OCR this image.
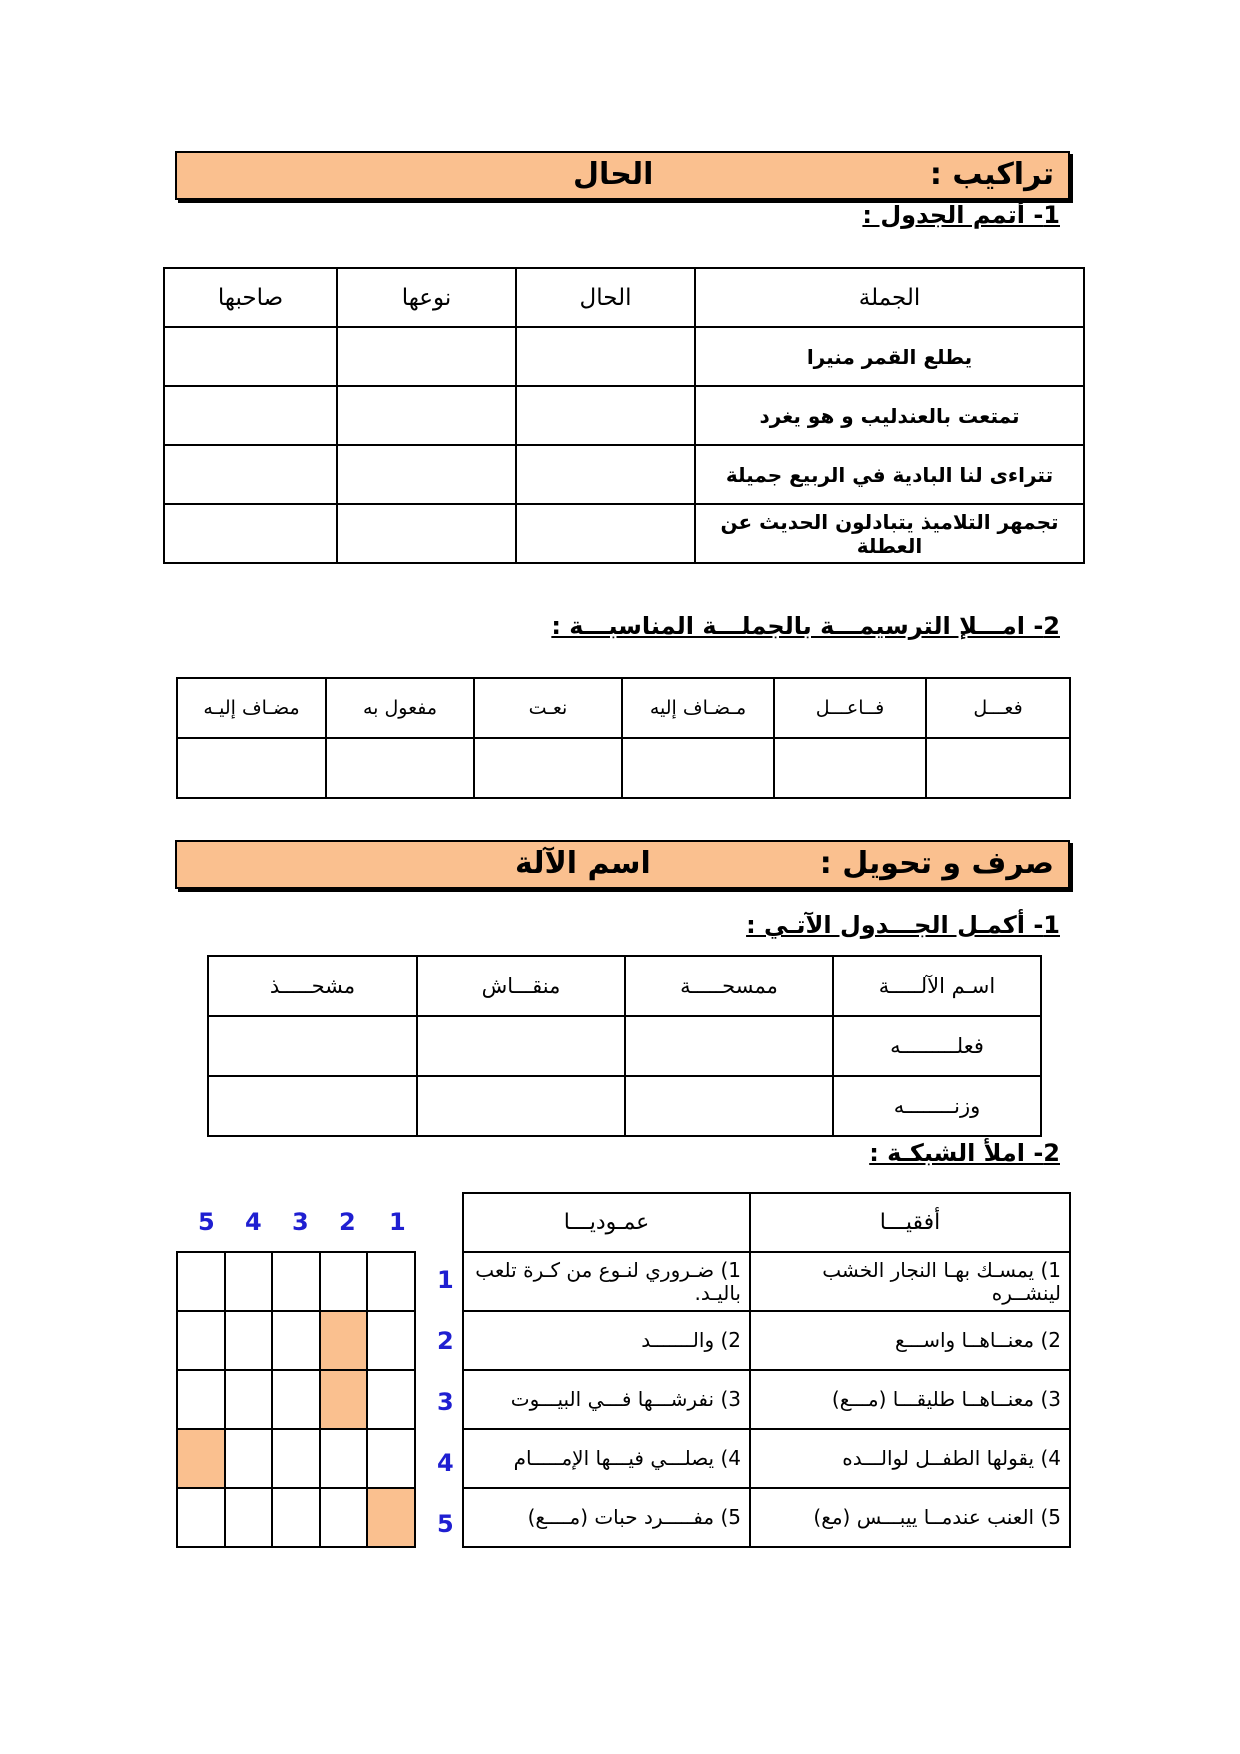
تراكيب :
الحال
1- أتمم الجدول :
الجملة	الحال	نوعها	صاحبها
يطلع القمر منيرا			
تمتعت بالعندليب و هو يغرد			
تتراءى لنا البادية في الربيع جميلة			
تجمهر التلاميذ يتبادلون الحديث عن العطلة			
2- امـــلإ الترسيمـــة بالجملـــة المناسبـــة :
فعـــل	فــاعـــل	مـضـاف إليه	نعـت	مفعول به	مضـاف إليـه

صرف و تحويل :
اسم الآلة
1- أكمـل الجـــدول الآتـي :
اسـم الآلـــــة	ممسحـــــة	منقـــاش	مشحـــــذ
فعلـــــــــه			
وزنــــــــه			
2- املأ الشبكـة :
5 4 3 2 1

1
2
3
4
5
أفقيـــا	عمـوديـــا
1) يمسـك بهـا النجار الخشب لينشــره	1) ضـروري لنـوع من كـرة تلعب باليـد.
2) معنــاهــا واســـع	2) والـــــــد
3) معنــاهــا طليقـــا (مـــع)	3) نفرشـــها فـــي البيـــوت
4) يقولها الطفــل لوالـــده	4) يصلـــي فيـــها الإمـــــام
5) العنب عندمــا ييبـــس (مع)	5) مفـــــرد حبات (مــــع)
